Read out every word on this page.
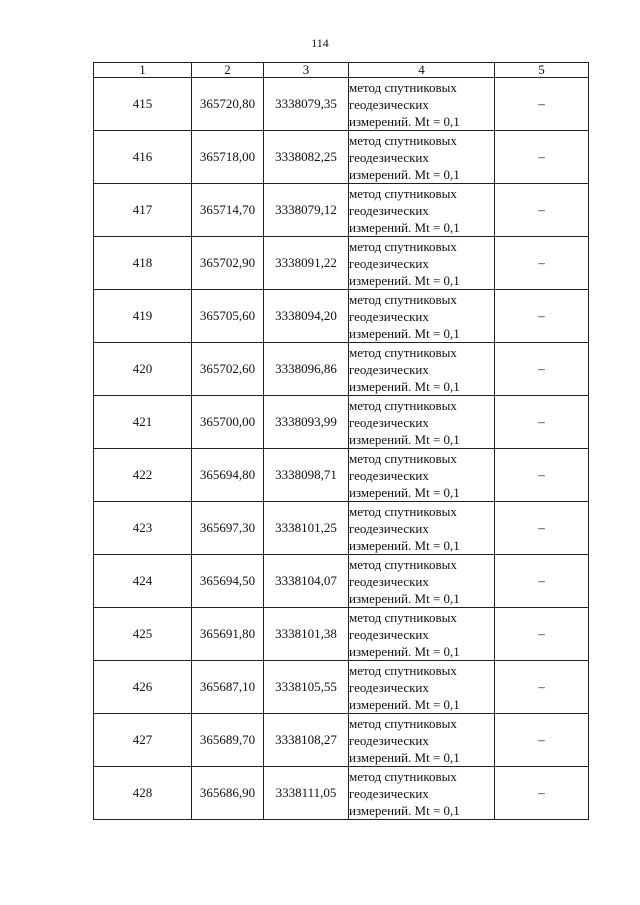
114
1	2	3	4	5
415	365720,80	3338079,35	метод спутниковых
геодезических
измерений. Mt = 0,1	–
416	365718,00	3338082,25	метод спутниковых
геодезических
измерений. Mt = 0,1	–
417	365714,70	3338079,12	метод спутниковых
геодезических
измерений. Mt = 0,1	–
418	365702,90	3338091,22	метод спутниковых
геодезических
измерений. Mt = 0,1	–
419	365705,60	3338094,20	метод спутниковых
геодезических
измерений. Mt = 0,1	–
420	365702,60	3338096,86	метод спутниковых
геодезических
измерений. Mt = 0,1	–
421	365700,00	3338093,99	метод спутниковых
геодезических
измерений. Mt = 0,1	–
422	365694,80	3338098,71	метод спутниковых
геодезических
измерений. Mt = 0,1	–
423	365697,30	3338101,25	метод спутниковых
геодезических
измерений. Mt = 0,1	–
424	365694,50	3338104,07	метод спутниковых
геодезических
измерений. Mt = 0,1	–
425	365691,80	3338101,38	метод спутниковых
геодезических
измерений. Mt = 0,1	–
426	365687,10	3338105,55	метод спутниковых
геодезических
измерений. Mt = 0,1	–
427	365689,70	3338108,27	метод спутниковых
геодезических
измерений. Mt = 0,1	–
428	365686,90	3338111,05	метод спутниковых
геодезических
измерений. Mt = 0,1	–
